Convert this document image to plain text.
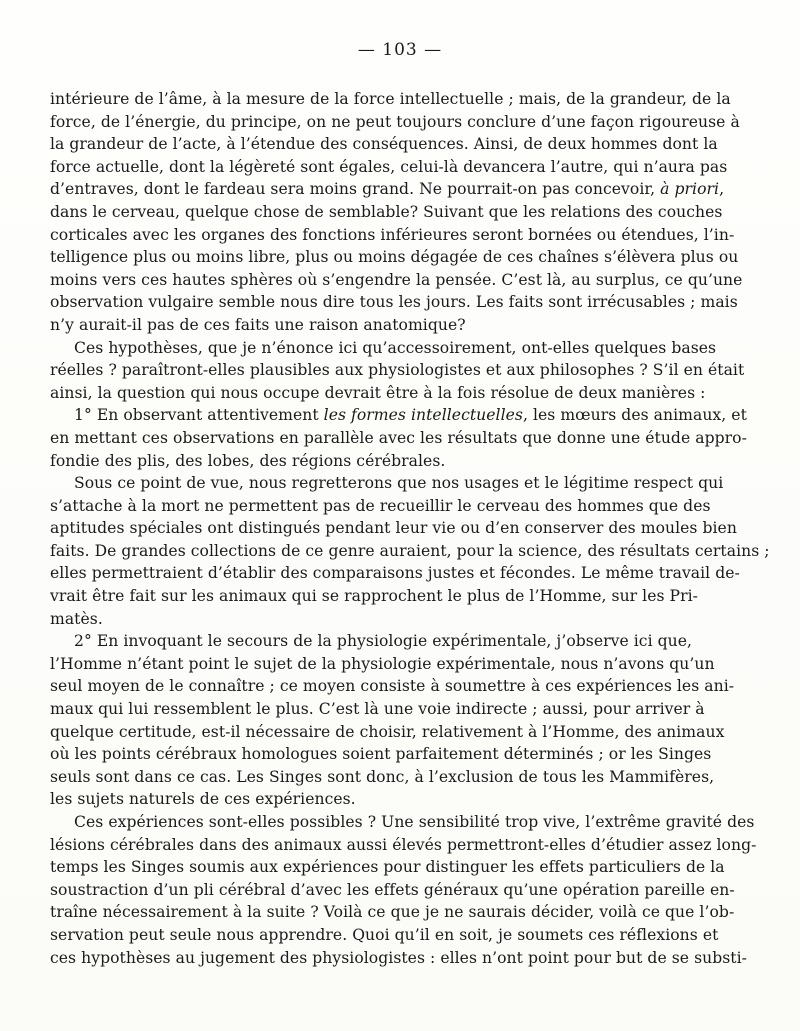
— 103 —
intérieure de l’âme, à la mesure de la force intellectuelle ; mais, de la grandeur, de la
force, de l’énergie, du principe, on ne peut toujours conclure d’une façon rigoureuse à
la grandeur de l’acte, à l’étendue des conséquences. Ainsi, de deux hommes dont la
force actuelle, dont la légèreté sont égales, celui-là devancera l’autre, qui n’aura pas
d’entraves, dont le fardeau sera moins grand. Ne pourrait-on pas concevoir, à priori,
dans le cerveau, quelque chose de semblable? Suivant que les relations des couches
corticales avec les organes des fonctions inférieures seront bornées ou étendues, l’in-
telligence plus ou moins libre, plus ou moins dégagée de ces chaînes s’élèvera plus ou
moins vers ces hautes sphères où s’engendre la pensée. C’est là, au surplus, ce qu’une
observation vulgaire semble nous dire tous les jours. Les faits sont irrécusables ; mais
n’y aurait-il pas de ces faits une raison anatomique?
Ces hypothèses, que je n’énonce ici qu’accessoirement, ont-elles quelques bases
réelles ? paraîtront-elles plausibles aux physiologistes et aux philosophes ? S’il en était
ainsi, la question qui nous occupe devrait être à la fois résolue de deux manières :
1° En observant attentivement les formes intellectuelles, les mœurs des animaux, et
en mettant ces observations en parallèle avec les résultats que donne une étude appro-
fondie des plis, des lobes, des régions cérébrales.
Sous ce point de vue, nous regretterons que nos usages et le légitime respect qui
s’attache à la mort ne permettent pas de recueillir le cerveau des hommes que des
aptitudes spéciales ont distingués pendant leur vie ou d’en conserver des moules bien
faits. De grandes collections de ce genre auraient, pour la science, des résultats certains ;
elles permettraient d’établir des comparaisons justes et fécondes. Le même travail de-
vrait être fait sur les animaux qui se rapprochent le plus de l’Homme, sur les Pri-
matès.
2° En invoquant le secours de la physiologie expérimentale, j’observe ici que,
l’Homme n’étant point le sujet de la physiologie expérimentale, nous n’avons qu’un
seul moyen de le connaître ; ce moyen consiste à soumettre à ces expériences les ani-
maux qui lui ressemblent le plus. C’est là une voie indirecte ; aussi, pour arriver à
quelque certitude, est-il nécessaire de choisir, relativement à l’Homme, des animaux
où les points cérébraux homologues soient parfaitement déterminés ; or les Singes
seuls sont dans ce cas. Les Singes sont donc, à l’exclusion de tous les Mammifères,
les sujets naturels de ces expériences.
Ces expériences sont-elles possibles ? Une sensibilité trop vive, l’extrême gravité des
lésions cérébrales dans des animaux aussi élevés permettront-elles d’étudier assez long-
temps les Singes soumis aux expériences pour distinguer les effets particuliers de la
soustraction d’un pli cérébral d’avec les effets généraux qu’une opération pareille en-
traîne nécessairement à la suite ? Voilà ce que je ne saurais décider, voilà ce que l’ob-
servation peut seule nous apprendre. Quoi qu’il en soit, je soumets ces réflexions et
ces hypothèses au jugement des physiologistes : elles n’ont point pour but de se substi-
